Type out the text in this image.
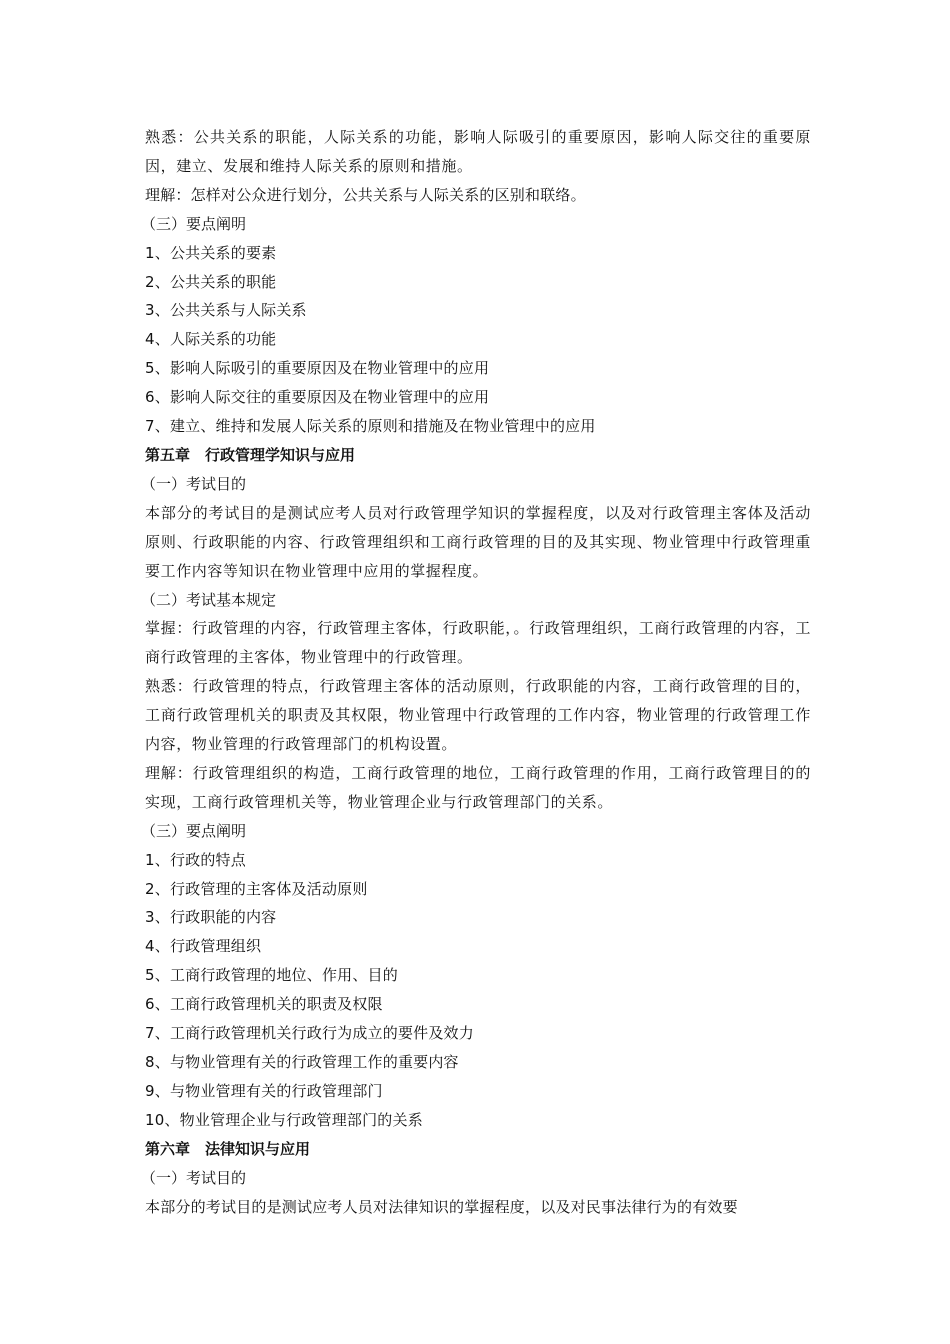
熟悉：公共关系的职能，人际关系的功能，影响人际吸引的重要原因，影响人际交往的重要原因，建立、发展和维持人际关系的原则和措施。
理解：怎样对公众进行划分，公共关系与人际关系的区别和联络。
（三）要点阐明
1、公共关系的要素
2、公共关系的职能
3、公共关系与人际关系
4、人际关系的功能
5、影响人际吸引的重要原因及在物业管理中的应用
6、影响人际交往的重要原因及在物业管理中的应用
7、建立、维持和发展人际关系的原则和措施及在物业管理中的应用
第五章　行政管理学知识与应用
（一）考试目的
本部分的考试目的是测试应考人员对行政管理学知识的掌握程度，以及对行政管理主客体及活动原则、行政职能的内容、行政管理组织和工商行政管理的目的及其实现、物业管理中行政管理重要工作内容等知识在物业管理中应用的掌握程度。
（二）考试基本规定
掌握：行政管理的内容，行政管理主客体，行政职能，。行政管理组织，工商行政管理的内容，工商行政管理的主客体，物业管理中的行政管理。
熟悉：行政管理的特点，行政管理主客体的活动原则，行政职能的内容，工商行政管理的目的，工商行政管理机关的职责及其权限，物业管理中行政管理的工作内容，物业管理的行政管理工作内容，物业管理的行政管理部门的机构设置。
理解：行政管理组织的构造，工商行政管理的地位，工商行政管理的作用，工商行政管理目的的实现，工商行政管理机关等，物业管理企业与行政管理部门的关系。
（三）要点阐明
1、行政的特点
2、行政管理的主客体及活动原则
3、行政职能的内容
4、行政管理组织
5、工商行政管理的地位、作用、目的
6、工商行政管理机关的职责及权限
7、工商行政管理机关行政行为成立的要件及效力
8、与物业管理有关的行政管理工作的重要内容
9、与物业管理有关的行政管理部门
10、物业管理企业与行政管理部门的关系
第六章　法律知识与应用
（一）考试目的
本部分的考试目的是测试应考人员对法律知识的掌握程度，以及对民事法律行为的有效要
